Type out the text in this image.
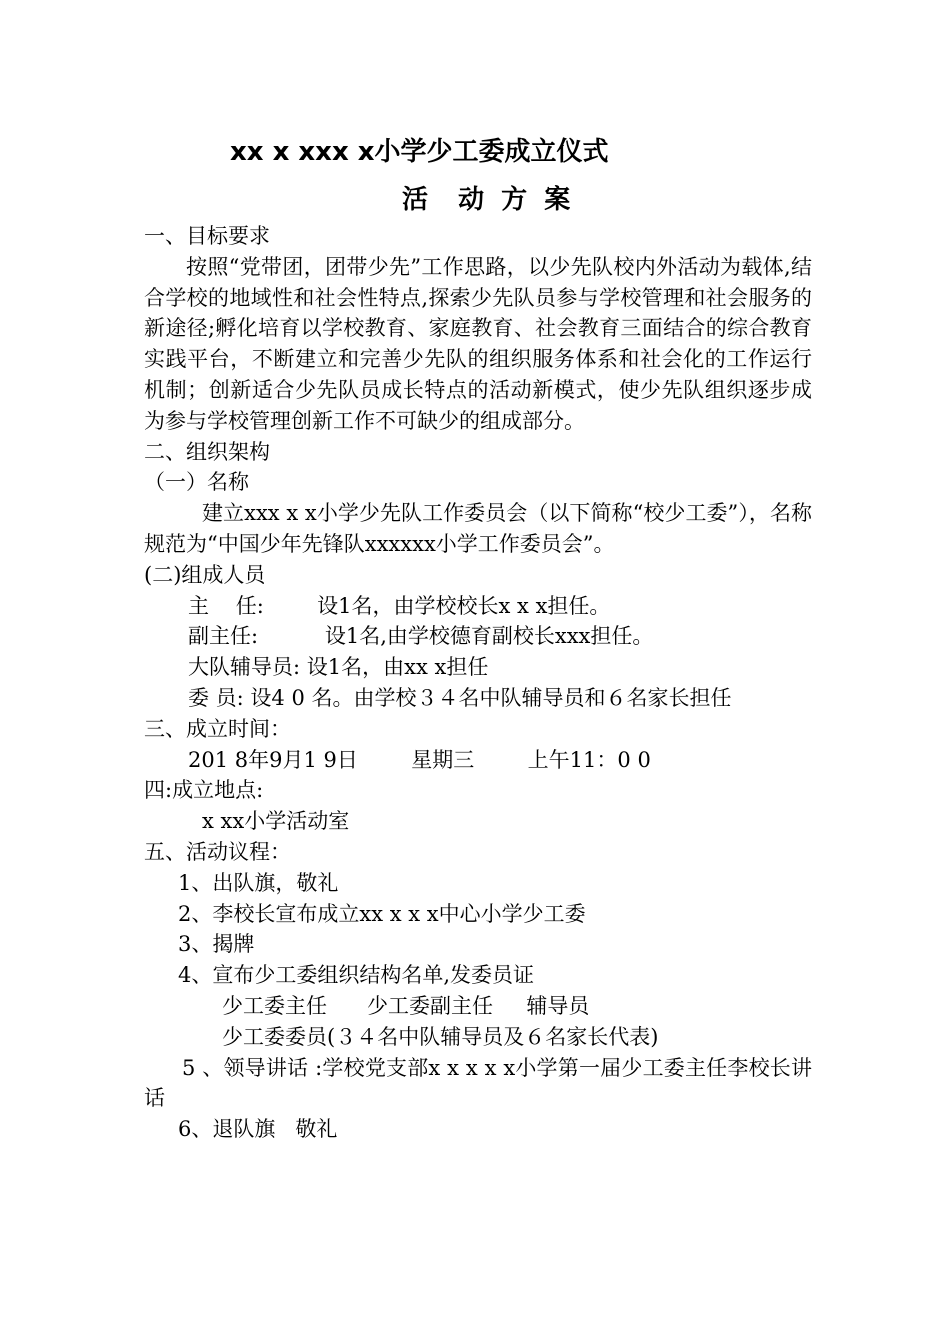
xx x xxx x小学少工委成立仪式
活  动 方 案
一、目标要求

按照“党带团，团带少先”工作思路，以少先队校内外活动为载体,结合学校的地域性和社会性特点,探索少先队员参与学校管理和社会服务的新途径;孵化培育以学校教育、家庭教育、社会教育三面结合的综合教育实践平台，不断建立和完善少先队的组织服务体系和社会化的工作运行机制；创新适合少先队员成长特点的活动新模式，使少先队组织逐步成为参与学校管理创新工作不可缺少的组成部分。

二、组织架构
（一）名称

建立xxx x x小学少先队工作委员会（以下简称“校少工委”），名称规范为“中国少年先锋队xxxxxx小学工作委员会”。

(二)组成人员
主    任:        设1名，由学校校长x x x担任。
副主任:          设1名,由学校德育副校长xxx担任。
大队辅导员: 设1名，由xx x担任

委 员: 设4 0 名。由学校３４名中队辅导员和６名家长担任

三、成立时间：
201 8年9月1 9日        星期三        上午11：0 0
四:成立地点:
x xx小学活动室
五、活动议程：
1、出队旗，敬礼
2、李校长宣布成立xx x x x中心小学少工委
3、揭牌
4、宣布少工委组织结构名单,发委员证
少工委主任      少工委副主任     辅导员
少工委委员(３４名中队辅导员及６名家长代表)

5 、领导讲话 :学校党支部x x x x x小学第一届少工委主任李校长讲话

6、退队旗   敬礼
